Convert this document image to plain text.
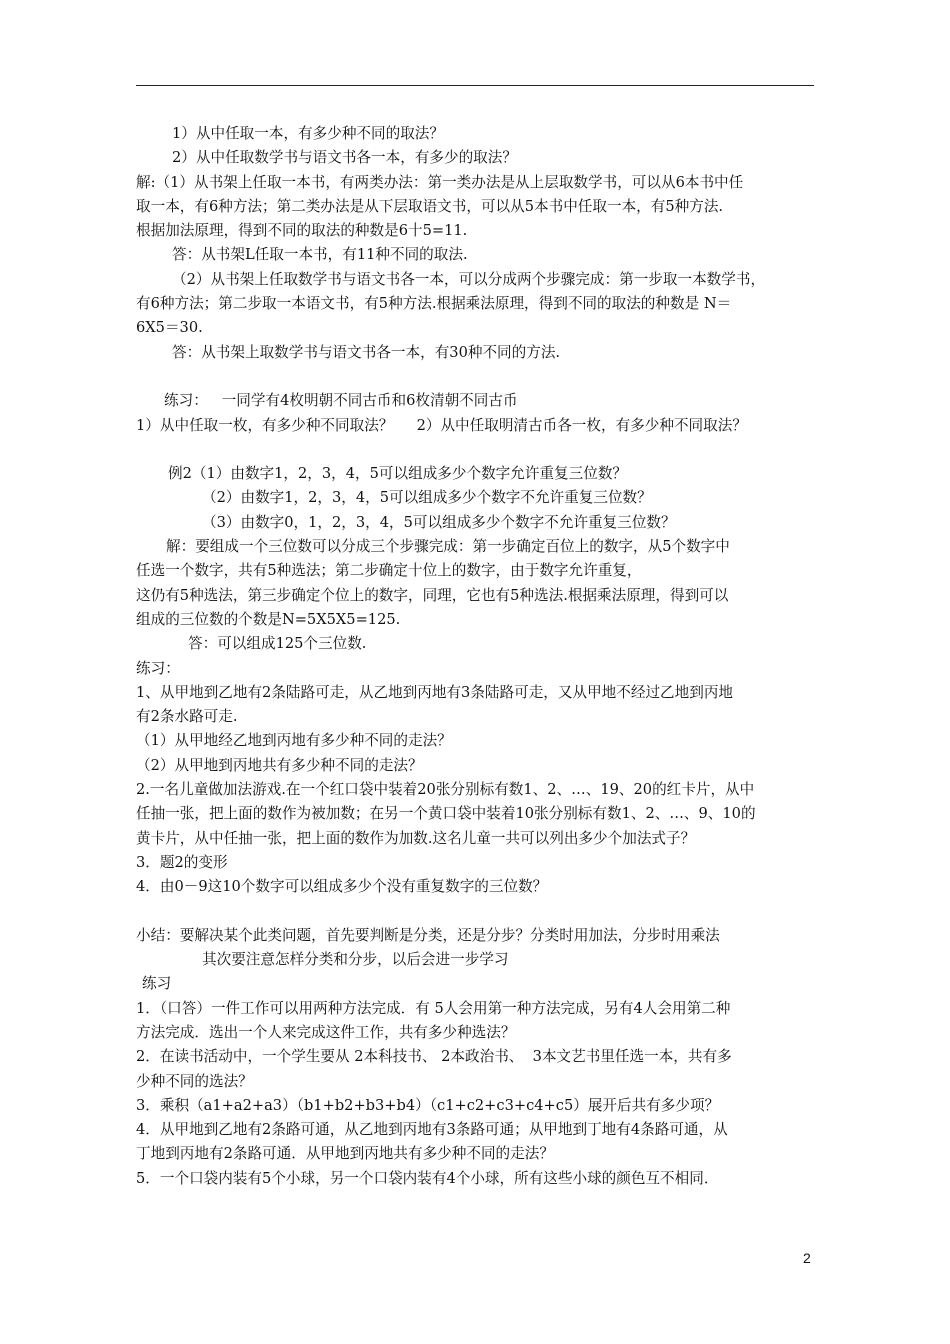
1）从中任取一本，有多少种不同的取法？
2）从中任取数学书与语文书各一本，有多少的取法？
解:（1）从书架上任取一本书，有两类办法：第一类办法是从上层取数学书，可以从6本书中任
取一本，有6种方法；第二类办法是从下层取语文书，可以从5本书中任取一本，有5种方法.
根据加法原理，得到不同的取法的种数是6十5=11.
答：从书架L任取一本书，有11种不同的取法.
（2）从书架上任取数学书与语文书各一本，可以分成两个步骤完成：第一步取一本数学书，
有6种方法；第二步取一本语文书，有5种方法.根据乘法原理，得到不同的取法的种数是 N＝
6X5＝30.
答：从书架上取数学书与语文书各一本，有30种不同的方法.
练习：   一同学有4枚明朝不同古币和6枚清朝不同古币
1）从中任取一枚，有多少种不同取法？     2）从中任取明清古币各一枚，有多少种不同取法？
例2（1）由数字1，2，3，4，5可以组成多少个数字允许重复三位数？
（2）由数字1，2，3，4，5可以组成多少个数字不允许重复三位数？
（3）由数字0，1，2，3，4，5可以组成多少个数字不允许重复三位数？
解：要组成一个三位数可以分成三个步骤完成：第一步确定百位上的数字，从5个数字中
任选一个数字，共有5种选法；第二步确定十位上的数字，由于数字允许重复，
这仍有5种选法，第三步确定个位上的数字，同理，它也有5种选法.根据乘法原理，得到可以
组成的三位数的个数是N=5X5X5=125.
答：可以组成125个三位数.
练习：
1、从甲地到乙地有2条陆路可走，从乙地到丙地有3条陆路可走，又从甲地不经过乙地到丙地
有2条水路可走.
（1）从甲地经乙地到丙地有多少种不同的走法？
（2）从甲地到丙地共有多少种不同的走法？
2.一名儿童做加法游戏.在一个红口袋中装着20张分别标有数1、2、…、19、20的红卡片，从中
任抽一张，把上面的数作为被加数；在另一个黄口袋中装着10张分别标有数1、2、…、9、10的
黄卡片，从中任抽一张，把上面的数作为加数.这名儿童一共可以列出多少个加法式子？
3．题2的变形
4．由0－9这10个数字可以组成多少个没有重复数字的三位数？
小结：要解决某个此类问题，首先要判断是分类，还是分步？分类时用加法，分步时用乘法
其次要注意怎样分类和分步，以后会进一步学习
练习
1．（口答）一件工作可以用两种方法完成．有 5人会用第一种方法完成，另有4人会用第二种
方法完成．选出一个人来完成这件工作，共有多少种选法？
2．在读书活动中，一个学生要从 2本科技书、 2本政治书、  3本文艺书里任选一本，共有多
少种不同的选法？
3．乘积（a1+a2+a3）（b1+b2+b3+b4）（c1+c2+c3+c4+c5）展开后共有多少项？
4．从甲地到乙地有2条路可通，从乙地到丙地有3条路可通；从甲地到丁地有4条路可通，从
丁地到丙地有2条路可通．从甲地到丙地共有多少种不同的走法？
5．一个口袋内装有5个小球，另一个口袋内装有4个小球，所有这些小球的颜色互不相同．
2
